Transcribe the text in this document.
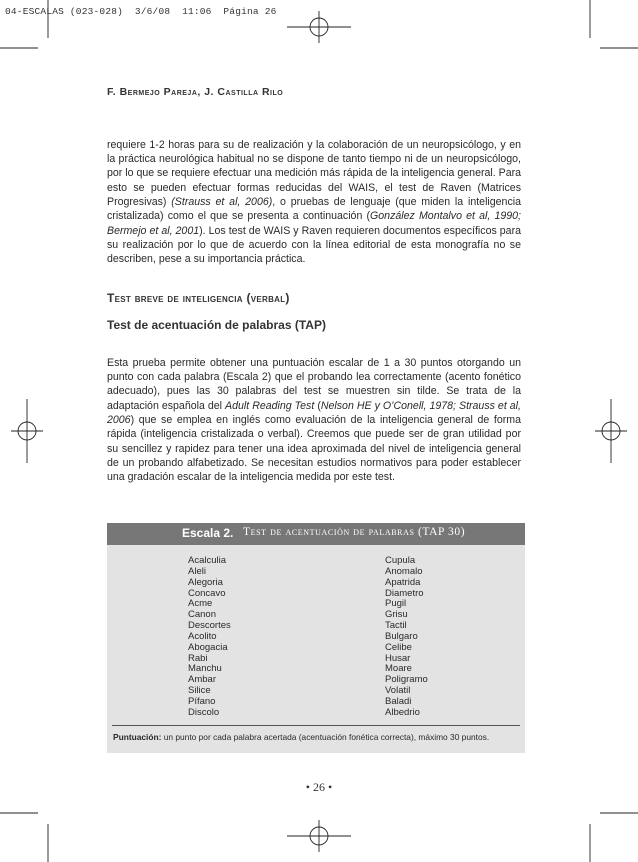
04-ESCALAS (023-028) 3/6/08 11:06 Página 26
F. Bermejo Pareja, J. Castilla Rilo

requiere 1-2 horas para su de realización y la colaboración de un neuropsicólogo, y en la práctica neurológica habitual no se dispone de tanto tiempo ni de un neuropsicólogo, por lo que se requiere efectuar una medición más rápida de la inteligencia general. Para esto se pueden efectuar formas reducidas del WAIS, el test de Raven (Matrices Progresivas) (Strauss et al, 2006), o pruebas de lenguaje (que miden la inteligencia cristalizada) como el que se presenta a continuación (González Montalvo et al, 1990; Bermejo et al, 2001). Los test de WAIS y Raven requieren documentos específicos para su realización por lo que de acuerdo con la línea editorial de esta monografía no se describen, pese a su importancia práctica.

Test breve de inteligencia (verbal)
Test de acentuación de palabras (TAP)

Esta prueba permite obtener una puntuación escalar de 1 a 30 puntos otorgando un punto con cada palabra (Escala 2) que el probando lea correctamente (acento fonético adecuado), pues las 30 palabras del test se muestren sin tilde. Se trata de la adaptación española del Adult Reading Test (Nelson HE y O’Conell, 1978; Strauss et al, 2006) que se emplea en inglés como evaluación de la inteligencia general de forma rápida (inteligencia cristalizada o verbal). Creemos que puede ser de gran utilidad por su sencillez y rapidez para tener una idea aproximada del nivel de inteligencia general de un probando alfabetizado. Se necesitan estudios normativos para poder establecer una gradación escalar de la inteligencia medida por este test.

Escala 2. Test de acentuación de palabras (TAP 30)
Acalculia
Aleli
Alegoria
Concavo
Acme
Canon
Descortes
Acolito
Abogacia
Rabi
Manchu
Ambar
Silice
Pífano
Discolo
Cupula
Anomalo
Apatrida
Diametro
Pugil
Grisu
Tactil
Bulgaro
Celibe
Husar
Moare
Poligramo
Volatil
Baladi
Albedrio
Puntuación: un punto por cada palabra acertada (acentuación fonética correcta), máximo 30 puntos.
• 26 •
